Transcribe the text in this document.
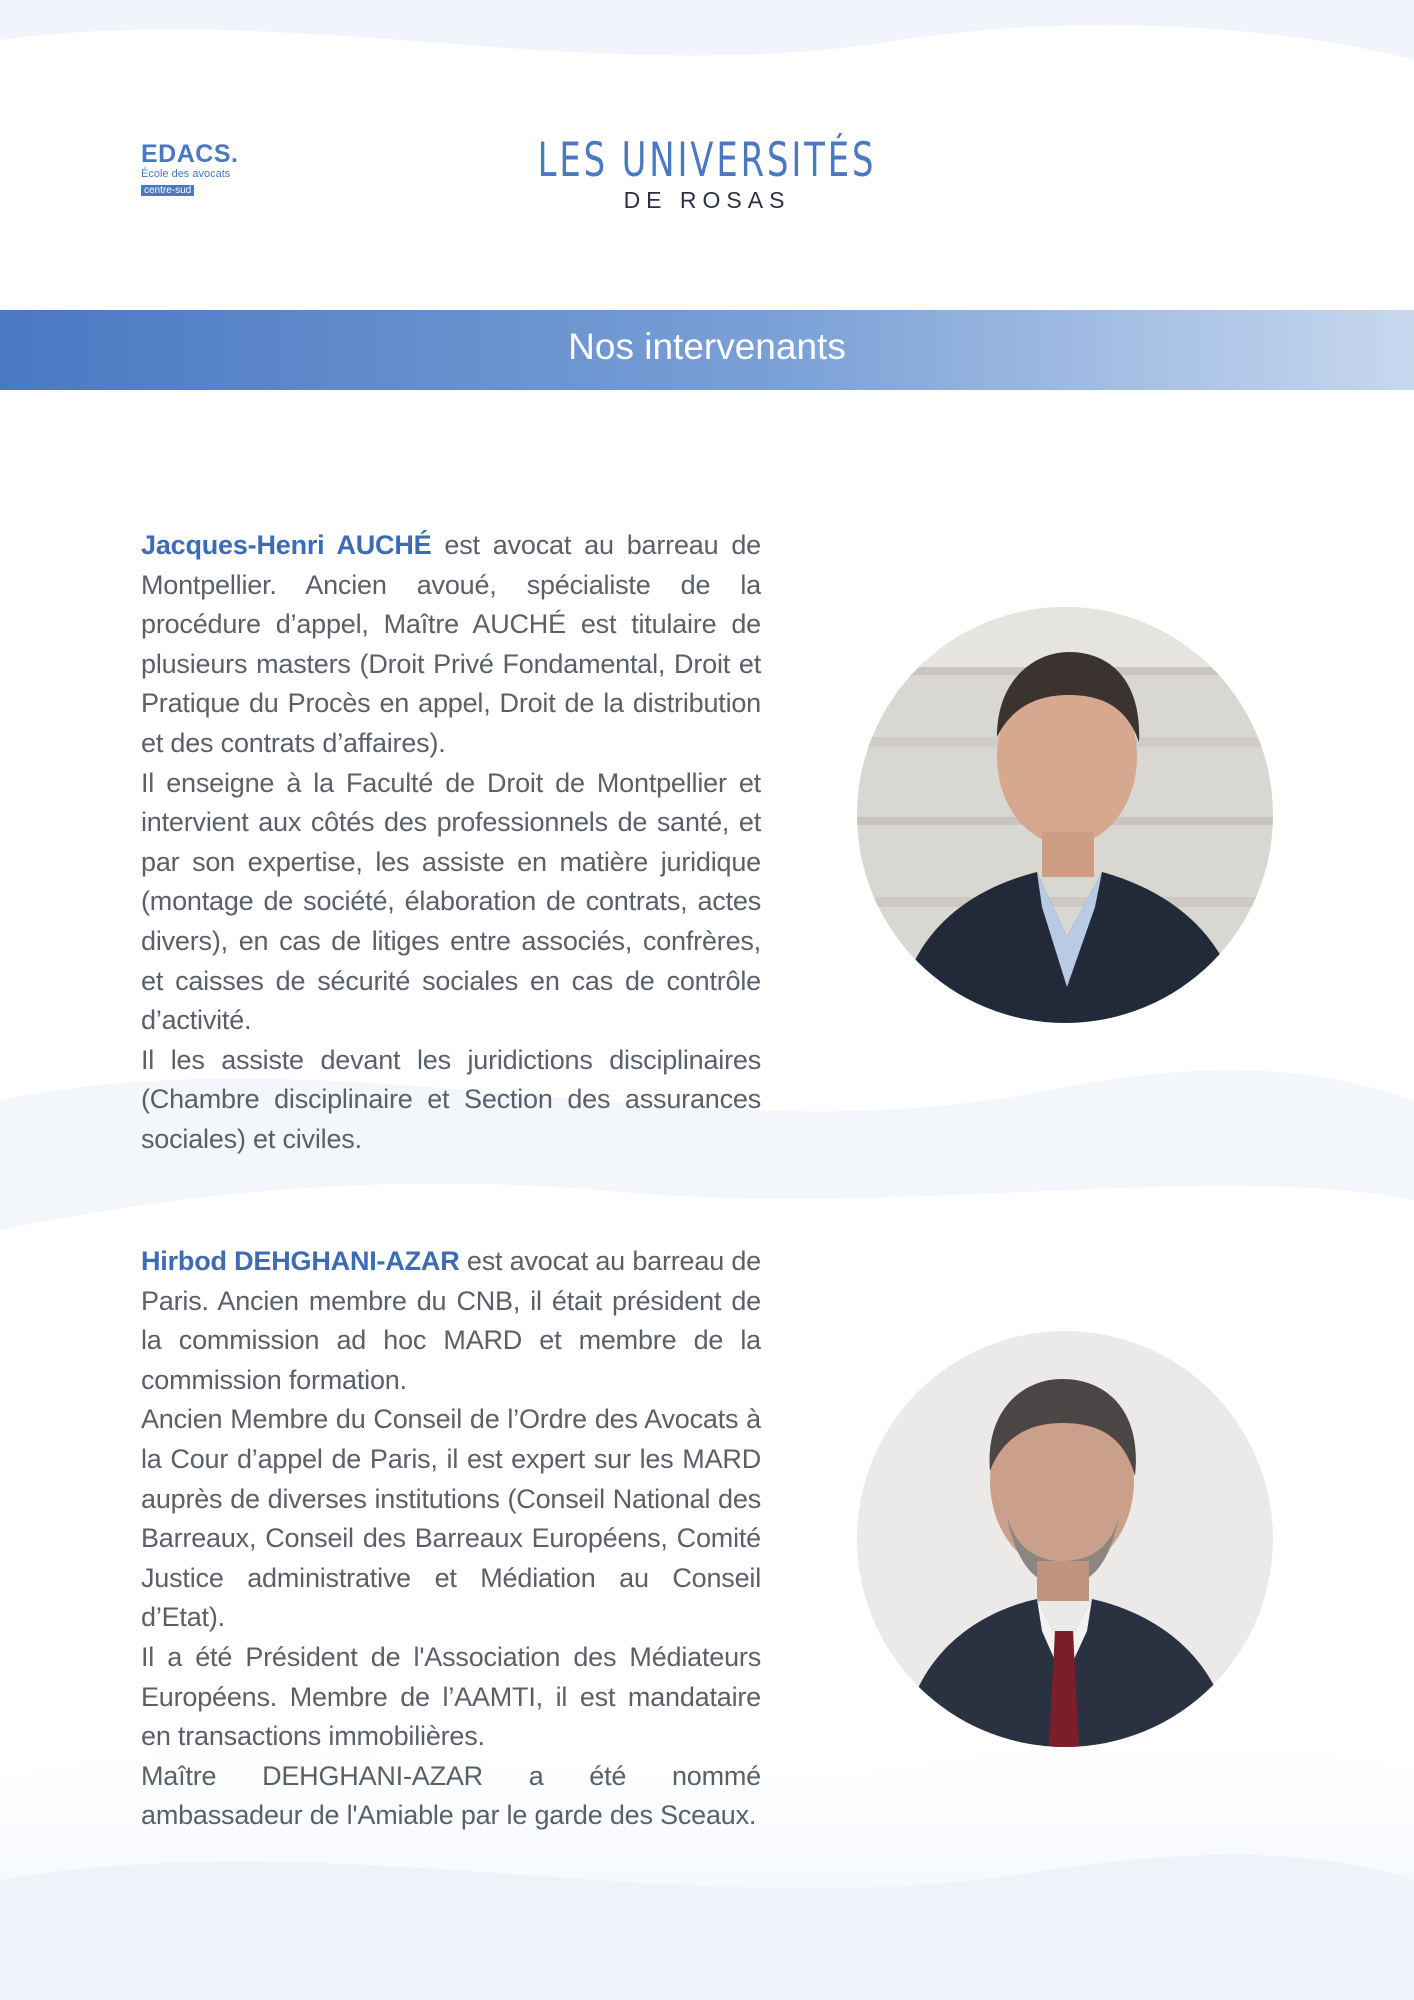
EDACS.
École des avocats
centre-sud
LES UNIVERSITÉS
DE ROSAS
Nos intervenants

Jacques-Henri AUCHÉ est avocat au barreau de Montpellier. Ancien avoué, spécialiste de la procédure d’appel, Maître AUCHÉ est titulaire de plusieurs masters (Droit Privé Fondamental, Droit et Pratique du Procès en appel, Droit de la distribution et des contrats d’affaires).

Il enseigne à la Faculté de Droit de Montpellier et intervient aux côtés des professionnels de santé, et par son expertise, les assiste en matière juridique (montage de société, élaboration de contrats, actes divers), en cas de litiges entre associés, confrères, et caisses de sécurité sociales en cas de contrôle d’activité.

Il les assiste devant les juridictions disciplinaires (Chambre disciplinaire et Section des assurances sociales) et civiles.

Hirbod DEHGHANI-AZAR est avocat au barreau de Paris. Ancien membre du CNB, il était président de la commission ad hoc MARD et membre de la commission formation.

Ancien Membre du Conseil de l’Ordre des Avocats à la Cour d’appel de Paris, il est expert sur les MARD auprès de diverses institutions (Conseil National des Barreaux, Conseil des Barreaux Européens, Comité Justice administrative et Médiation au Conseil d’Etat).

Il a été Président de l'Association des Médiateurs Européens. Membre de l’AAMTI, il est mandataire en transactions immobilières.

Maître DEHGHANI-AZAR a été nommé ambassadeur de l'Amiable par le garde des Sceaux.
